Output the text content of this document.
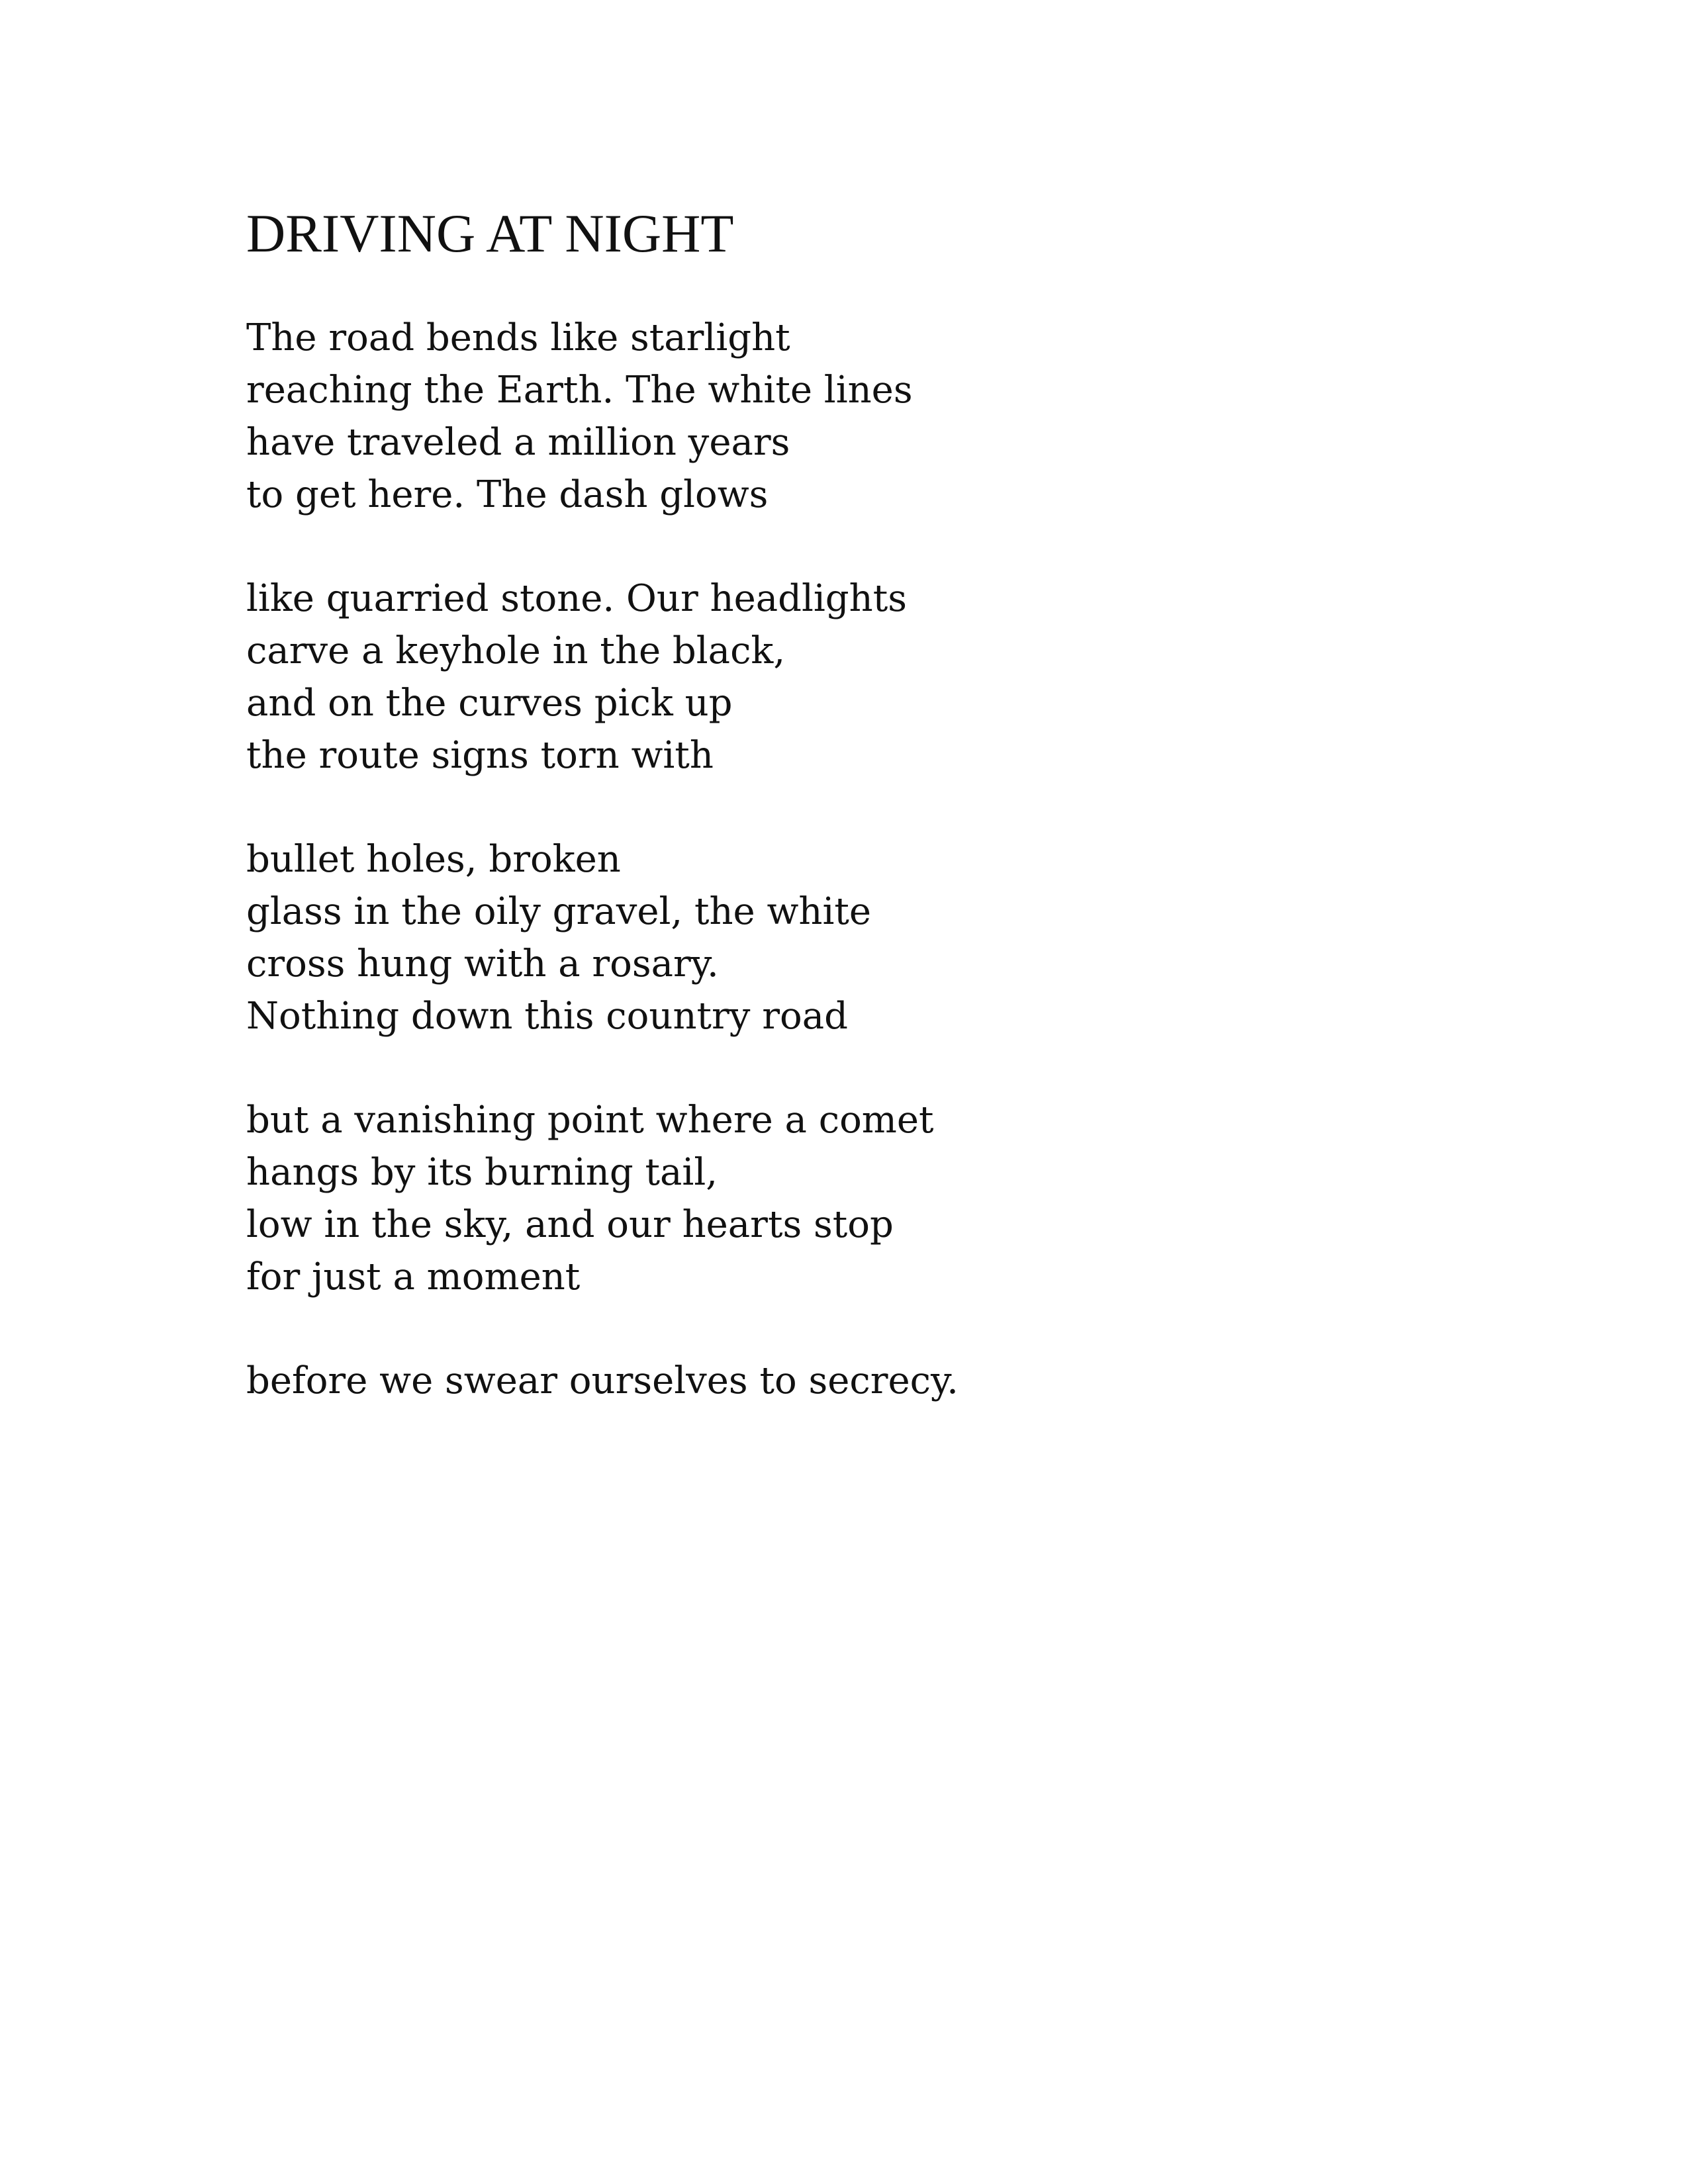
DRIVING AT NIGHT
The road bends like starlight
reaching the Earth. The white lines
have traveled a million years
to get here. The dash glows
like quarried stone. Our headlights
carve a keyhole in the black,
and on the curves pick up
the route signs torn with
bullet holes, broken
glass in the oily gravel, the white
cross hung with a rosary.
Nothing down this country road
but a vanishing point where a comet
hangs by its burning tail,
low in the sky, and our hearts stop
for just a moment
before we swear ourselves to secrecy.
